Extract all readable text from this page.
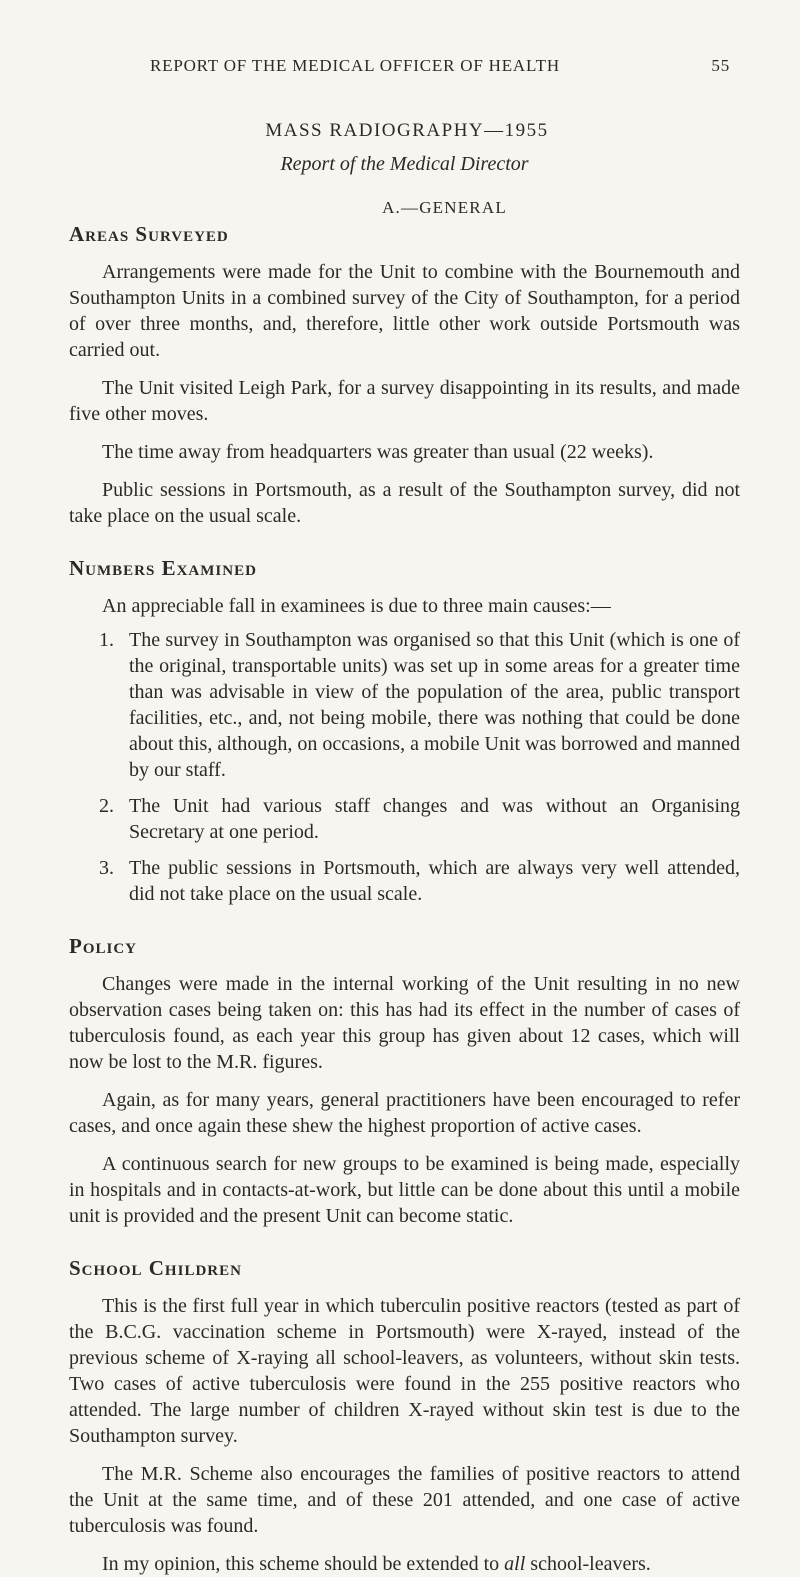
REPORT OF THE MEDICAL OFFICER OF HEALTH	55
MASS RADIOGRAPHY—1955
Report of the Medical Director
A.—GENERAL
Areas Surveyed

Arrangements were made for the Unit to combine with the Bournemouth and Southampton Units in a combined survey of the City of Southampton, for a period of over three months, and, therefore, little other work outside Portsmouth was carried out.

The Unit visited Leigh Park, for a survey disappointing in its results, and made five other moves.

The time away from headquarters was greater than usual (22 weeks).

Public sessions in Portsmouth, as a result of the Southampton survey, did not take place on the usual scale.

Numbers Examined

An appreciable fall in examinees is due to three main causes:—

1. The survey in Southampton was organised so that this Unit (which is one of the original, transportable units) was set up in some areas for a greater time than was advisable in view of the population of the area, public transport facilities, etc., and, not being mobile, there was nothing that could be done about this, although, on occasions, a mobile Unit was borrowed and manned by our staff.
2. The Unit had various staff changes and was without an Organising Secretary at one period.
3. The public sessions in Portsmouth, which are always very well attended, did not take place on the usual scale.
Policy

Changes were made in the internal working of the Unit resulting in no new observation cases being taken on: this has had its effect in the number of cases of tuberculosis found, as each year this group has given about 12 cases, which will now be lost to the M.R. figures.

Again, as for many years, general practitioners have been encouraged to refer cases, and once again these shew the highest proportion of active cases.

A continuous search for new groups to be examined is being made, especially in hospitals and in contacts-at-work, but little can be done about this until a mobile unit is provided and the present Unit can become static.

School Children

This is the first full year in which tuberculin positive reactors (tested as part of the B.C.G. vaccination scheme in Portsmouth) were X-rayed, instead of the previous scheme of X-raying all school-leavers, as volunteers, without skin tests. Two cases of active tuberculosis were found in the 255 positive reactors who attended. The large number of children X-rayed without skin test is due to the Southampton survey.

The M.R. Scheme also encourages the families of positive reactors to attend the Unit at the same time, and of these 201 attended, and one case of active tuberculosis was found.

In my opinion, this scheme should be extended to all school-leavers.
